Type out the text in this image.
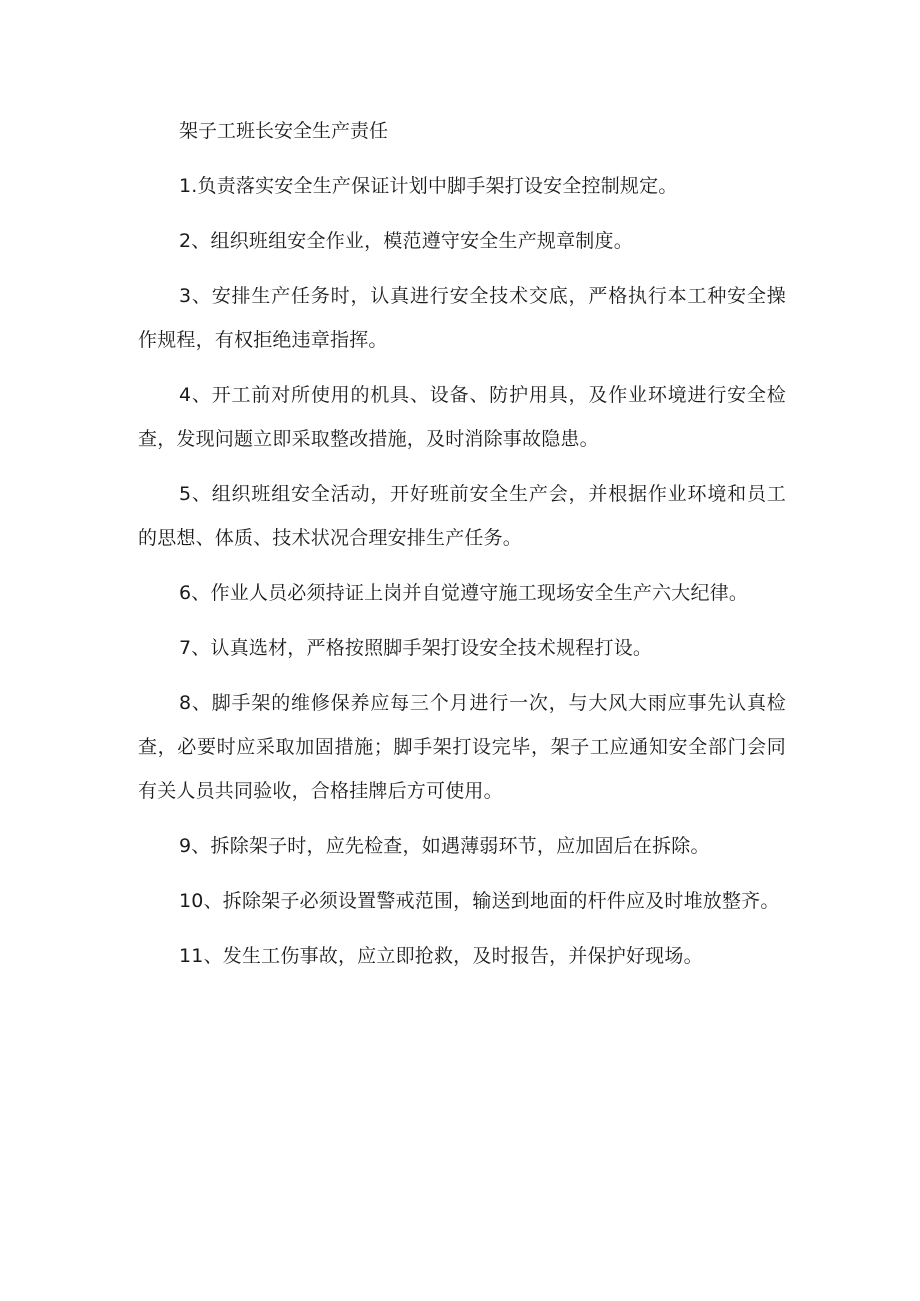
架子工班长安全生产责任

1.负责落实安全生产保证计划中脚手架打设安全控制规定。

2、组织班组安全作业，模范遵守安全生产规章制度。

3、安排生产任务时，认真进行安全技术交底，严格执行本工种安全操作规程，有权拒绝违章指挥。

4、开工前对所使用的机具、设备、防护用具，及作业环境进行安全检查，发现问题立即采取整改措施，及时消除事故隐患。

5、组织班组安全活动，开好班前安全生产会，并根据作业环境和员工的思想、体质、技术状况合理安排生产任务。

6、作业人员必须持证上岗并自觉遵守施工现场安全生产六大纪律。

7、认真选材，严格按照脚手架打设安全技术规程打设。

8、脚手架的维修保养应每三个月进行一次，与大风大雨应事先认真检查，必要时应采取加固措施；脚手架打设完毕，架子工应通知安全部门会同有关人员共同验收，合格挂牌后方可使用。

9、拆除架子时，应先检查，如遇薄弱环节，应加固后在拆除。

10、拆除架子必须设置警戒范围，输送到地面的杆件应及时堆放整齐。

11、发生工伤事故，应立即抢救，及时报告，并保护好现场。
